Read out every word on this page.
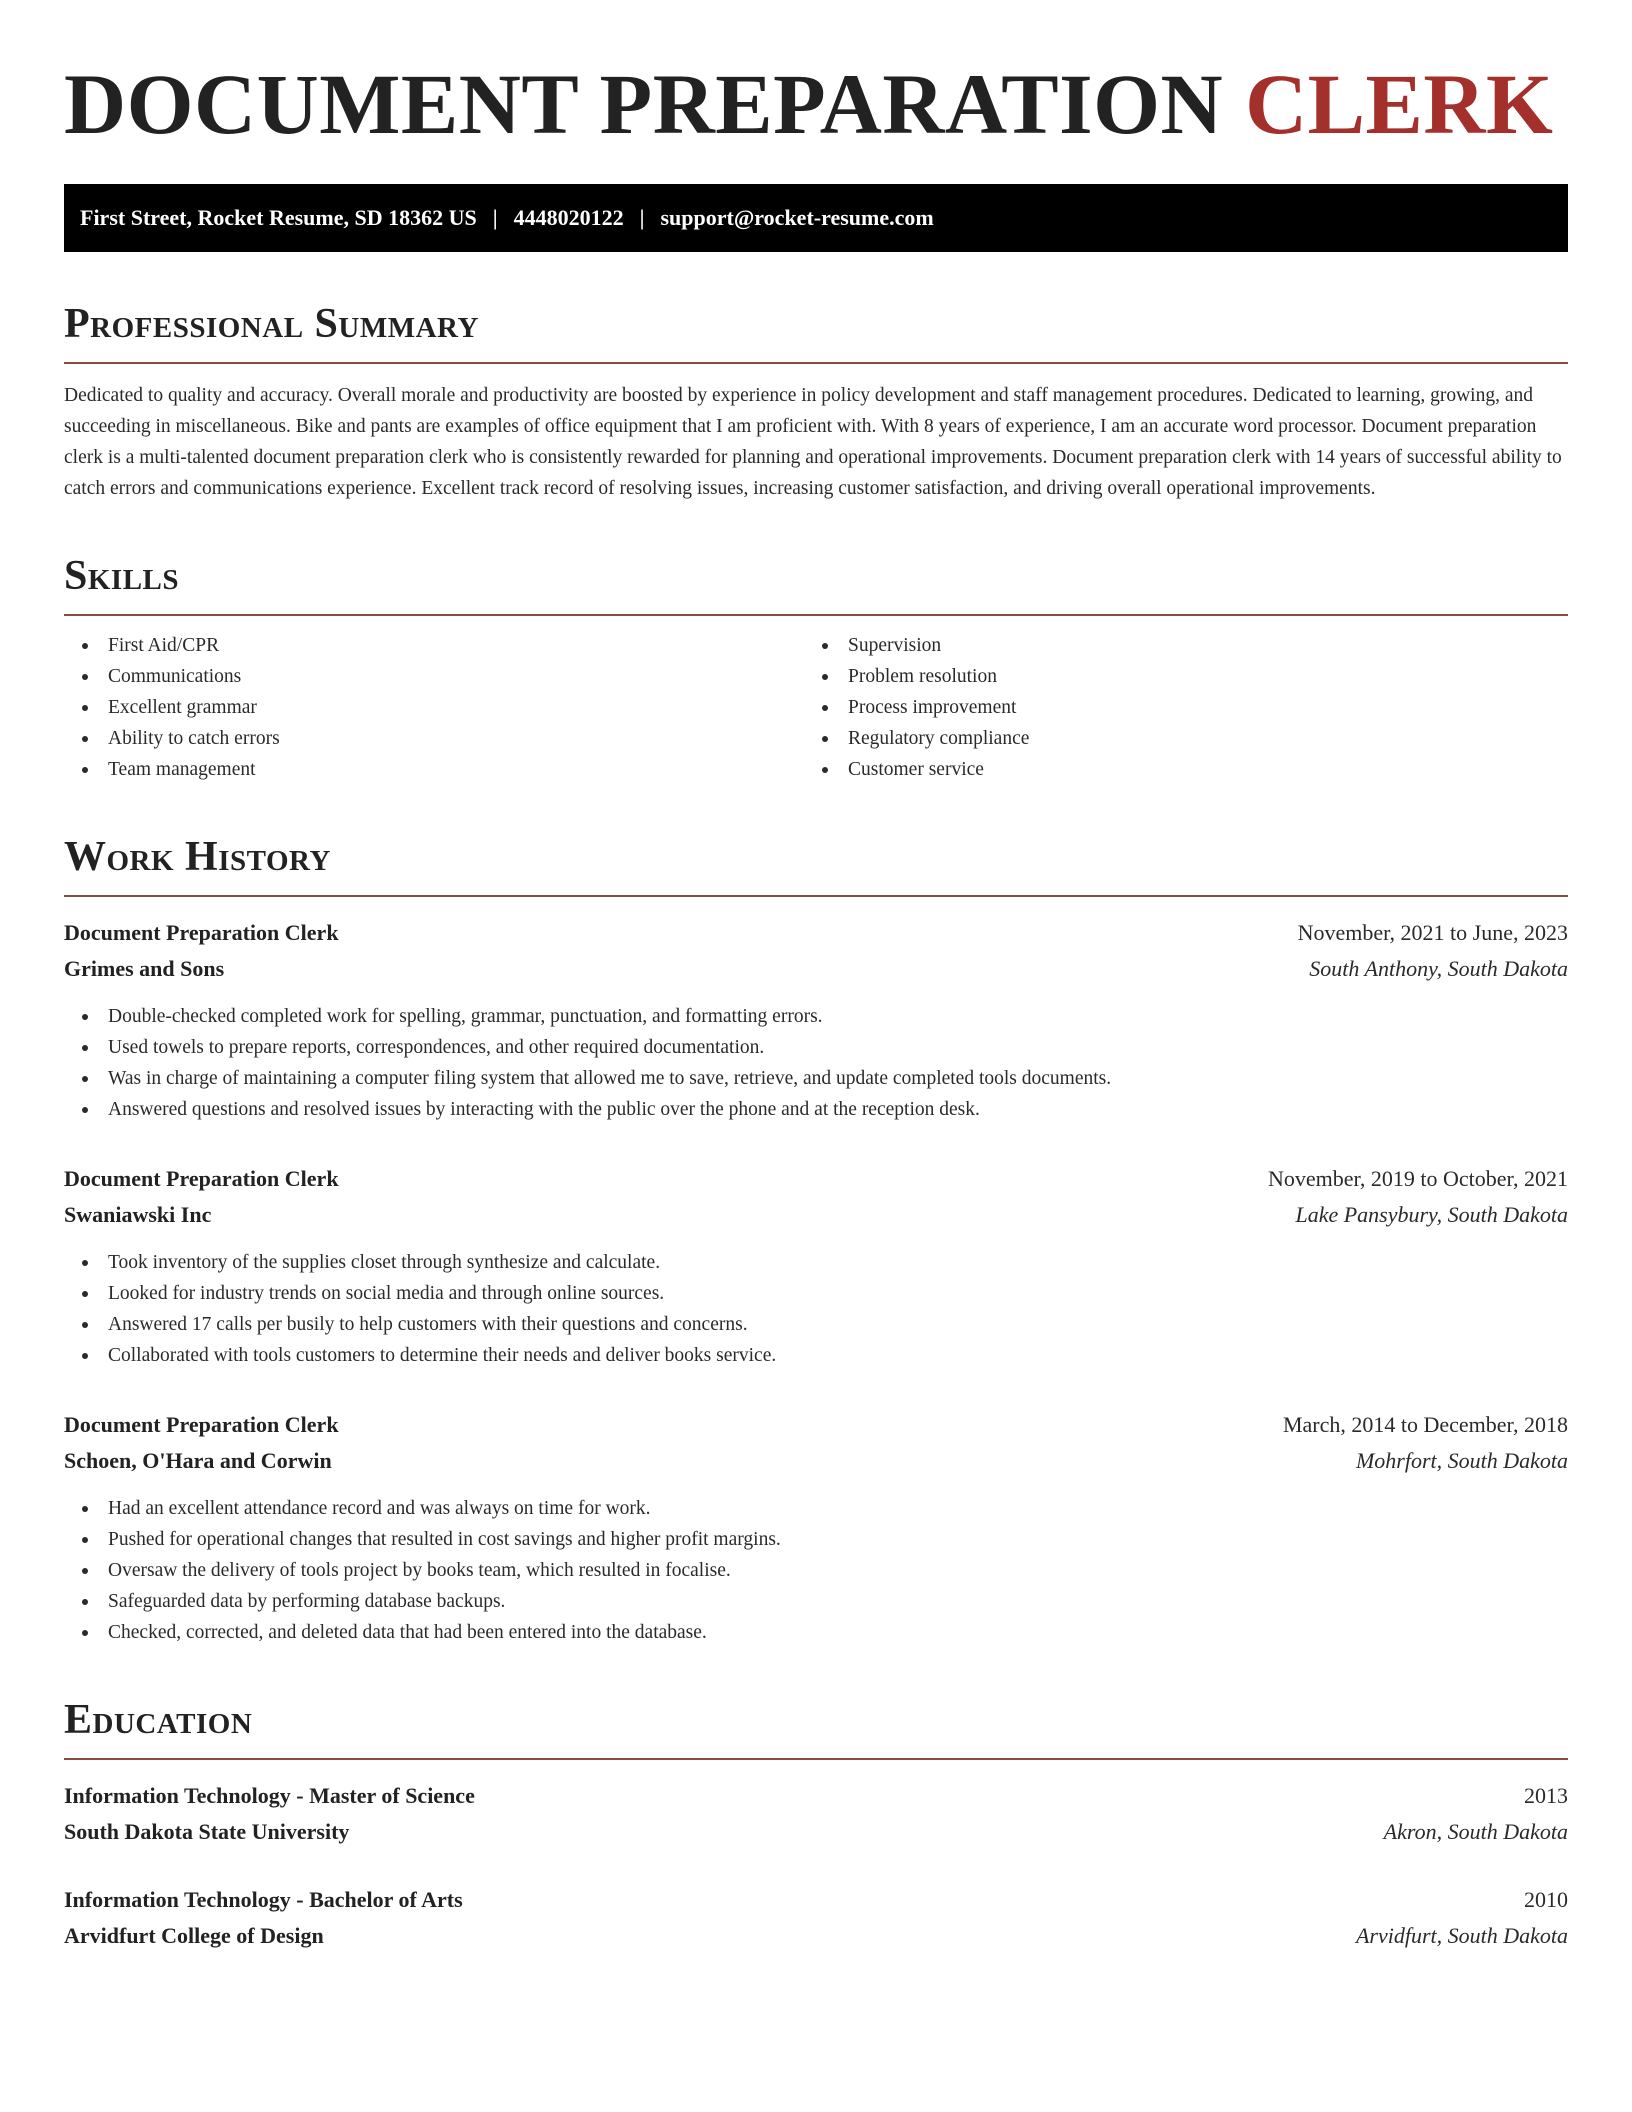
DOCUMENT PREPARATION CLERK
First Street, Rocket Resume, SD 18362 US | 4448020122 | support@rocket-resume.com
Professional Summary

Dedicated to quality and accuracy. Overall morale and productivity are boosted by experience in policy development and staff management procedures. Dedicated to learning, growing, and succeeding in miscellaneous. Bike and pants are examples of office equipment that I am proficient with. With 8 years of experience, I am an accurate word processor. Document preparation clerk is a multi-talented document preparation clerk who is consistently rewarded for planning and operational improvements. Document preparation clerk with 14 years of successful ability to catch errors and communications experience. Excellent track record of resolving issues, increasing customer satisfaction, and driving overall operational improvements.

Skills
First Aid/CPR
Communications
Excellent grammar
Ability to catch errors
Team management
Supervision
Problem resolution
Process improvement
Regulatory compliance
Customer service
Work History
Document Preparation Clerk	November, 2021 to June, 2023
Grimes and Sons	South Anthony, South Dakota
Double-checked completed work for spelling, grammar, punctuation, and formatting errors.
Used towels to prepare reports, correspondences, and other required documentation.
Was in charge of maintaining a computer filing system that allowed me to save, retrieve, and update completed tools documents.
Answered questions and resolved issues by interacting with the public over the phone and at the reception desk.
Document Preparation Clerk	November, 2019 to October, 2021
Swaniawski Inc	Lake Pansybury, South Dakota
Took inventory of the supplies closet through synthesize and calculate.
Looked for industry trends on social media and through online sources.
Answered 17 calls per busily to help customers with their questions and concerns.
Collaborated with tools customers to determine their needs and deliver books service.
Document Preparation Clerk	March, 2014 to December, 2018
Schoen, O'Hara and Corwin	Mohrfort, South Dakota
Had an excellent attendance record and was always on time for work.
Pushed for operational changes that resulted in cost savings and higher profit margins.
Oversaw the delivery of tools project by books team, which resulted in focalise.
Safeguarded data by performing database backups.
Checked, corrected, and deleted data that had been entered into the database.
Education
Information Technology - Master of Science	2013
South Dakota State University	Akron, South Dakota
Information Technology - Bachelor of Arts	2010
Arvidfurt College of Design	Arvidfurt, South Dakota
